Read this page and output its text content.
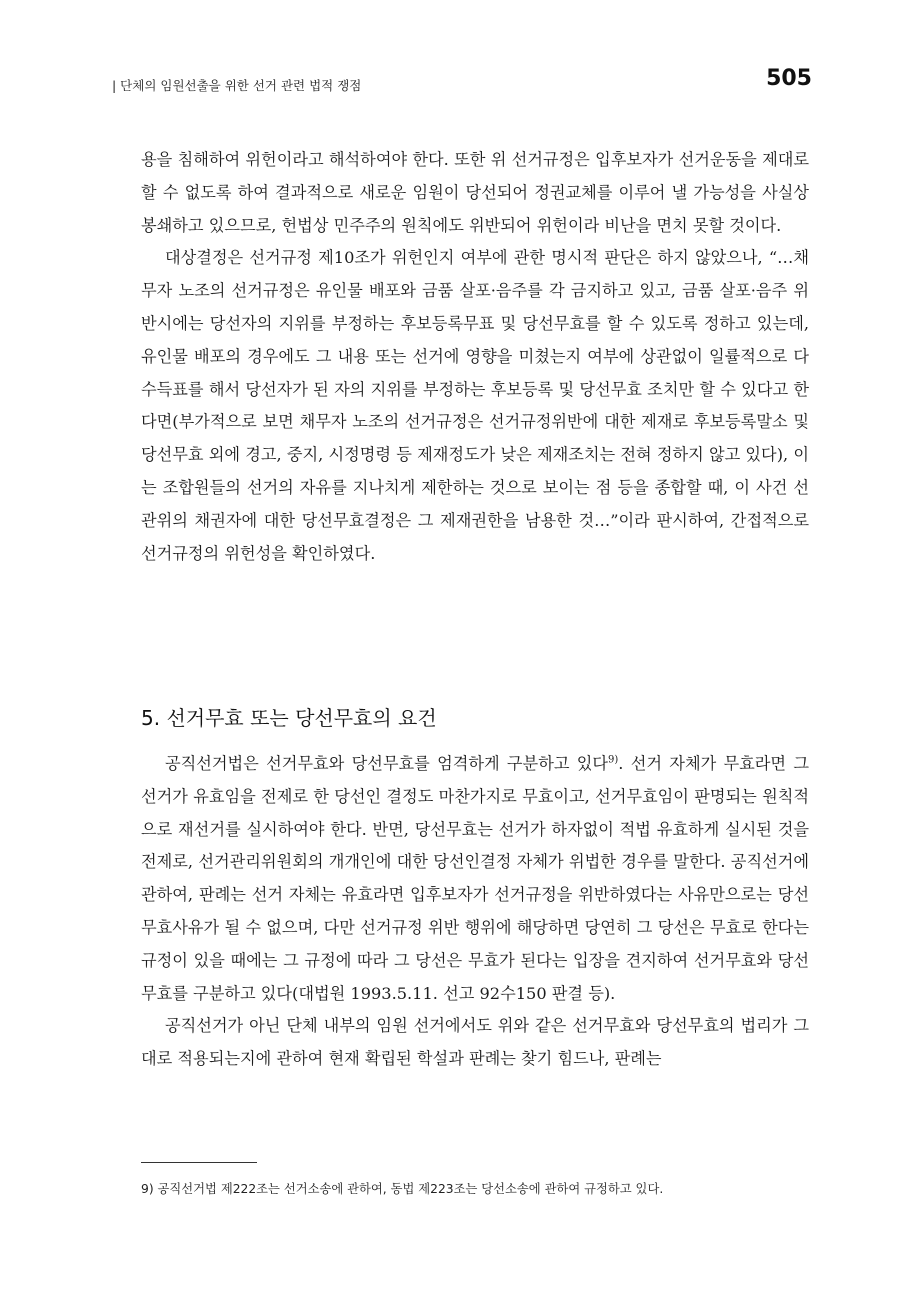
| 단체의 임원선출을 위한 선거 관련 법적 쟁점	505

용을 침해하여 위헌이라고 해석하여야 한다. 또한 위 선거규정은 입후보자가 선거운동을 제대로 할 수 없도록 하여 결과적으로 새로운 임원이 당선되어 정권교체를 이루어 낼 가능성을 사실상 봉쇄하고 있으므로, 헌법상 민주주의 원칙에도 위반되어 위헌이라 비난을 면치 못할 것이다.

대상결정은 선거규정 제10조가 위헌인지 여부에 관한 명시적 판단은 하지 않았으나, “…채무자 노조의 선거규정은 유인물 배포와 금품 살포·음주를 각 금지하고 있고, 금품 살포·음주 위반시에는 당선자의 지위를 부정하는 후보등록무표 및 당선무효를 할 수 있도록 정하고 있는데, 유인물 배포의 경우에도 그 내용 또는 선거에 영향을 미쳤는지 여부에 상관없이 일률적으로 다수득표를 해서 당선자가 된 자의 지위를 부정하는 후보등록 및 당선무효 조치만 할 수 있다고 한다면(부가적으로 보면 채무자 노조의 선거규정은 선거규정위반에 대한 제재로 후보등록말소 및 당선무효 외에 경고, 중지, 시정명령 등 제재정도가 낮은 제재조치는 전혀 정하지 않고 있다), 이는 조합원들의 선거의 자유를 지나치게 제한하는 것으로 보이는 점 등을 종합할 때, 이 사건 선관위의 채권자에 대한 당선무효결정은 그 제재권한을 남용한 것…”이라 판시하여, 간접적으로 선거규정의 위헌성을 확인하였다.

5. 선거무효 또는 당선무효의 요건

공직선거법은 선거무효와 당선무효를 엄격하게 구분하고 있다$^{9)}$. 선거 자체가 무효라면 그 선거가 유효임을 전제로 한 당선인 결정도 마찬가지로 무효이고, 선거무효임이 판명되는 원칙적으로 재선거를 실시하여야 한다. 반면, 당선무효는 선거가 하자없이 적법 유효하게 실시된 것을 전제로, 선거관리위원회의 개개인에 대한 당선인결정 자체가 위법한 경우를 말한다. 공직선거에 관하여, 판례는 선거 자체는 유효라면 입후보자가 선거규정을 위반하였다는 사유만으로는 당선무효사유가 될 수 없으며, 다만 선거규정 위반 행위에 해당하면 당연히 그 당선은 무효로 한다는 규정이 있을 때에는 그 규정에 따라 그 당선은 무효가 된다는 입장을 견지하여 선거무효와 당선무효를 구분하고 있다(대법원 1993.5.11. 선고 92수150 판결 등).

공직선거가 아닌 단체 내부의 임원 선거에서도 위와 같은 선거무효와 당선무효의 법리가 그대로 적용되는지에 관하여 현재 확립된 학설과 판례는 찾기 힘드나, 판례는

9) 공직선거법 제222조는 선거소송에 관하여, 동법 제223조는 당선소송에 관하여 규정하고 있다.
